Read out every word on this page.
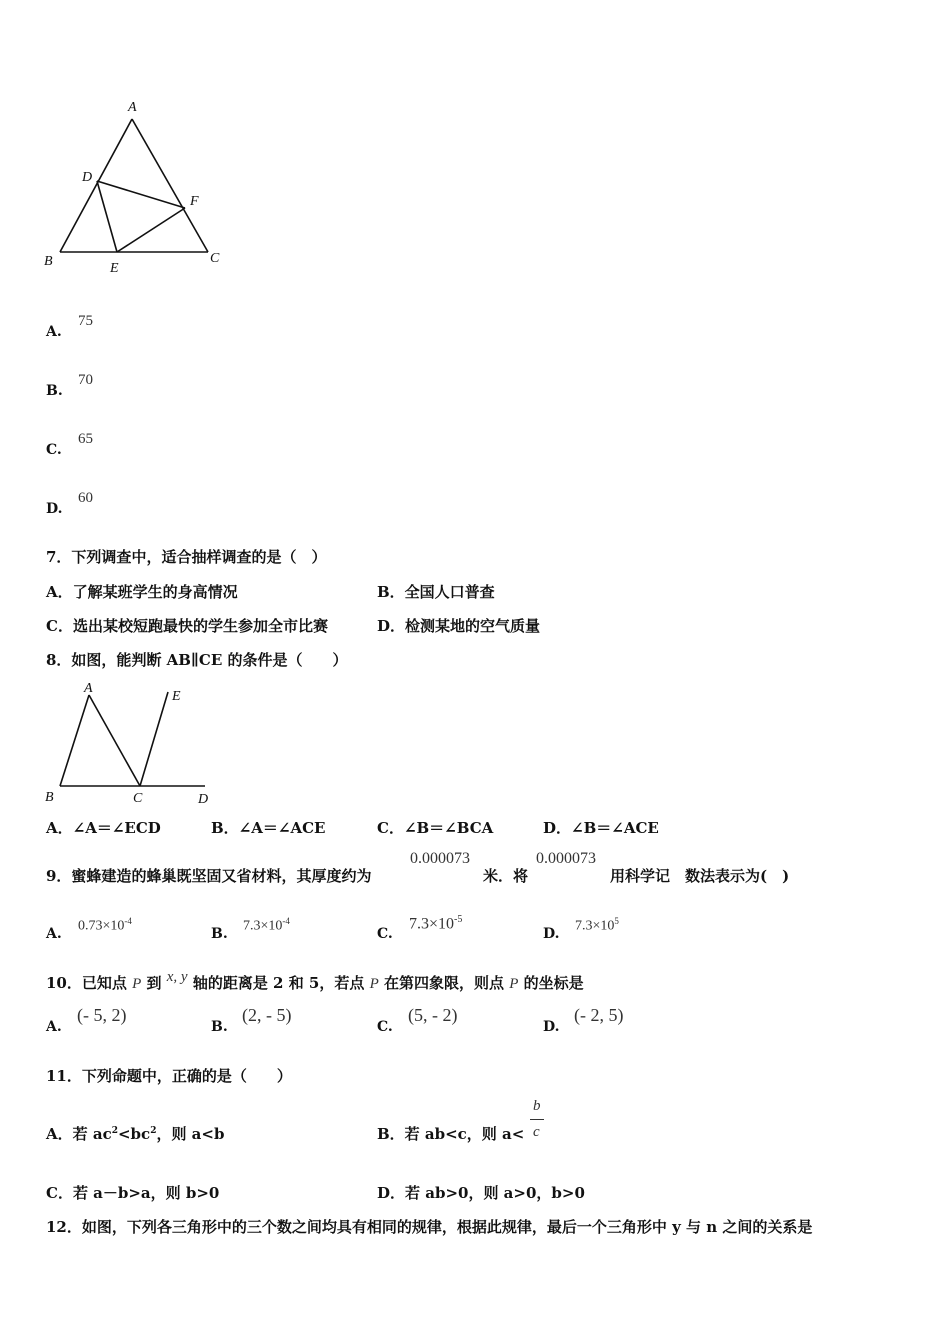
A
D
F
B	E
C
A.
75
B.
70
C.
65
D.
60
7．下列调查中，适合抽样调查的是（　）
A．了解某班学生的身高情况	B．全国人口普查
C．选出某校短跑最快的学生参加全市比赛	D．检测某地的空气质量
8．如图，能判断 AB∥CE 的条件是（　　）
A
E
B	C	D
A．∠A＝∠ECD	B．∠A＝∠ACE	C．∠B＝∠BCA	D．∠B＝∠ACE
9．蜜蜂建造的蜂巢既坚固又省材料，其厚度约为
0.000073
米．将
0.000073
用科学记　数法表示为(　)
A. $0.73\times 10^{-4}$
B. $7.3\times 10^{-4}$
C.
$7.3\times 10^{-5}$
D. $7.3\times 10^5$
10．已知点 P 到 x, y 轴的距离是 2 和 5，若点 P 在第四象限，则点 P 的坐标是
A.
(- 5, 2)
B.
(2, - 5)
C.
(5, - 2)
D.
(- 2, 5)
11．下列命题中，正确的是（　　）
A．若 $ac^2<bc^2$，则 a<b	B．若 ab<c，则 a<
b
c
C．若 a－b>a，则 b>0	D．若 ab>0，则 a>0，b>0
12．如图，下列各三角形中的三个数之间均具有相同的规律，根据此规律，最后一个三角形中 y 与 n 之间的关系是
